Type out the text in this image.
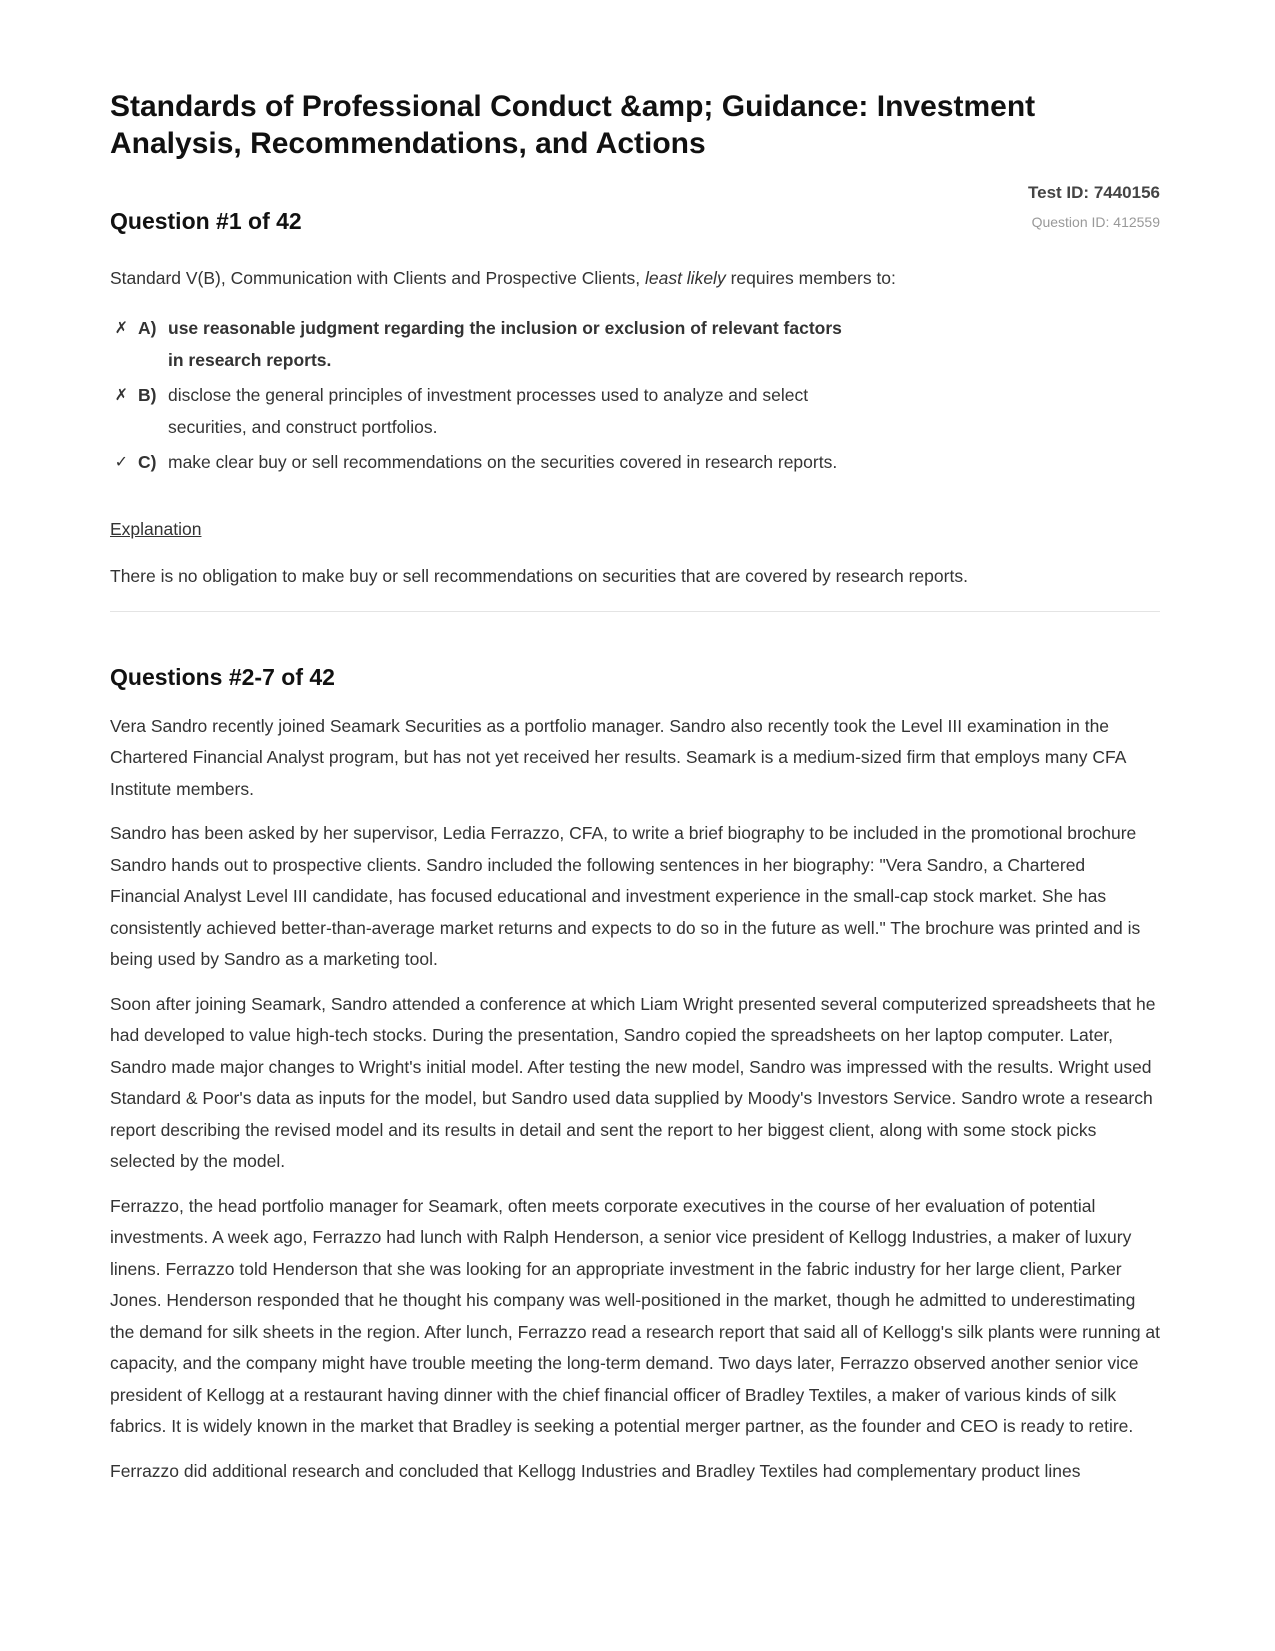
Standards of Professional Conduct &amp; Guidance: Investment Analysis, Recommendations, and Actions
Test ID: 7440156
Question ID: 412559
Question #1 of 42
Standard V(B), Communication with Clients and Prospective Clients, least likely requires members to:
✗ A) use reasonable judgment regarding the inclusion or exclusion of relevant factors in research reports.
✗ B) disclose the general principles of investment processes used to analyze and select securities, and construct portfolios.
✓ C) make clear buy or sell recommendations on the securities covered in research reports.
Explanation
There is no obligation to make buy or sell recommendations on securities that are covered by research reports.
Questions #2-7 of 42

Vera Sandro recently joined Seamark Securities as a portfolio manager. Sandro also recently took the Level III examination in the Chartered Financial Analyst program, but has not yet received her results. Seamark is a medium-sized firm that employs many CFA Institute members.

Sandro has been asked by her supervisor, Ledia Ferrazzo, CFA, to write a brief biography to be included in the promotional brochure Sandro hands out to prospective clients. Sandro included the following sentences in her biography: "Vera Sandro, a Chartered Financial Analyst Level III candidate, has focused educational and investment experience in the small-cap stock market. She has consistently achieved better-than-average market returns and expects to do so in the future as well." The brochure was printed and is being used by Sandro as a marketing tool.

Soon after joining Seamark, Sandro attended a conference at which Liam Wright presented several computerized spreadsheets that he had developed to value high-tech stocks. During the presentation, Sandro copied the spreadsheets on her laptop computer. Later, Sandro made major changes to Wright's initial model. After testing the new model, Sandro was impressed with the results. Wright used Standard & Poor's data as inputs for the model, but Sandro used data supplied by Moody's Investors Service. Sandro wrote a research report describing the revised model and its results in detail and sent the report to her biggest client, along with some stock picks selected by the model.

Ferrazzo, the head portfolio manager for Seamark, often meets corporate executives in the course of her evaluation of potential investments. A week ago, Ferrazzo had lunch with Ralph Henderson, a senior vice president of Kellogg Industries, a maker of luxury linens. Ferrazzo told Henderson that she was looking for an appropriate investment in the fabric industry for her large client, Parker Jones. Henderson responded that he thought his company was well-positioned in the market, though he admitted to underestimating the demand for silk sheets in the region. After lunch, Ferrazzo read a research report that said all of Kellogg's silk plants were running at capacity, and the company might have trouble meeting the long-term demand. Two days later, Ferrazzo observed another senior vice president of Kellogg at a restaurant having dinner with the chief financial officer of Bradley Textiles, a maker of various kinds of silk fabrics. It is widely known in the market that Bradley is seeking a potential merger partner, as the founder and CEO is ready to retire.

Ferrazzo did additional research and concluded that Kellogg Industries and Bradley Textiles had complementary product lines
